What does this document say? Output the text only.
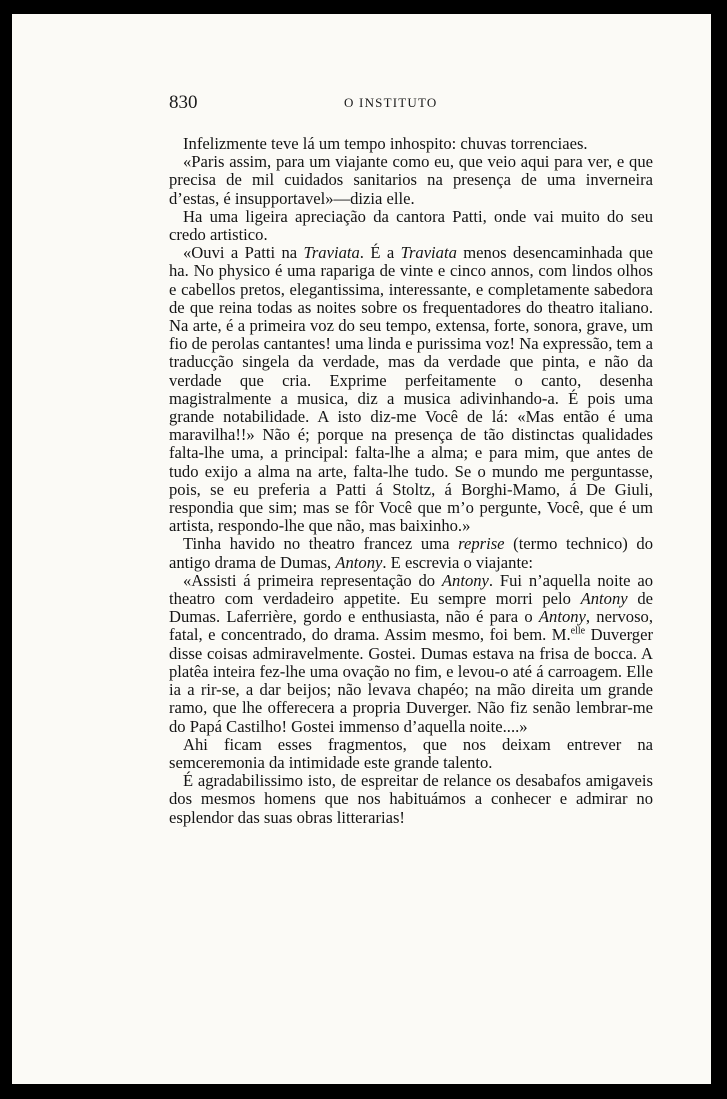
830	O INSTITUTO

Infelizmente teve lá um tempo inhospito: chuvas torrenciaes.

«Paris assim, para um viajante como eu, que veio aqui para ver, e que precisa de mil cuidados sanitarios na presença de uma inverneira d’estas, é insupportavel»—dizia elle.

Ha uma ligeira apreciação da cantora Patti, onde vai muito do seu credo artistico.

«Ouvi a Patti na Traviata. É a Traviata menos desencaminhada que ha. No physico é uma rapariga de vinte e cinco annos, com lindos olhos e cabellos pretos, elegantissima, interessante, e completamente sabedora de que reina todas as noites sobre os frequentadores do theatro italiano. Na arte, é a primeira voz do seu tempo, extensa, forte, sonora, grave, um fio de perolas cantantes! uma linda e purissima voz! Na expressão, tem a traducção singela da verdade, mas da verdade que pinta, e não da verdade que cria. Exprime perfeitamente o canto, desenha magistralmente a musica, diz a musica adivinhando-a. É pois uma grande notabilidade. A isto diz-me Você de lá: «Mas então é uma maravilha!!» Não é; porque na presença de tão distinctas qualidades falta-lhe uma, a principal: falta-lhe a alma; e para mim, que antes de tudo exijo a alma na arte, falta-lhe tudo. Se o mundo me perguntasse, pois, se eu preferia a Patti á Stoltz, á Borghi-Mamo, á De Giuli, respondia que sim; mas se fôr Você que m’o pergunte, Você, que é um artista, respondo-lhe que não, mas baixinho.»

Tinha havido no theatro francez uma reprise (termo technico) do antigo drama de Dumas, Antony. E escrevia o viajante:

«Assisti á primeira representação do Antony. Fui n’aquella noite ao theatro com verdadeiro appetite. Eu sempre morri pelo Antony de Dumas. Laferrière, gordo e enthusiasta, não é para o Antony, nervoso, fatal, e concentrado, do drama. Assim mesmo, foi bem. M.$^{elle}$ Duverger disse coisas admiravelmente. Gostei. Dumas estava na frisa de bocca. A platêa inteira fez-lhe uma ovação no fim, e levou-o até á carroagem. Elle ia a rir-se, a dar beijos; não levava chapéo; na mão direita um grande ramo, que lhe offerecera a propria Duverger. Não fiz senão lembrar-me do Papá Castilho! Gostei immenso d’aquella noite....»

Ahi ficam esses fragmentos, que nos deixam entrever na semceremonia da intimidade este grande talento.

É agradabilissimo isto, de espreitar de relance os desabafos amigaveis dos mesmos homens que nos habituámos a conhecer e admirar no esplendor das suas obras litterarias!
